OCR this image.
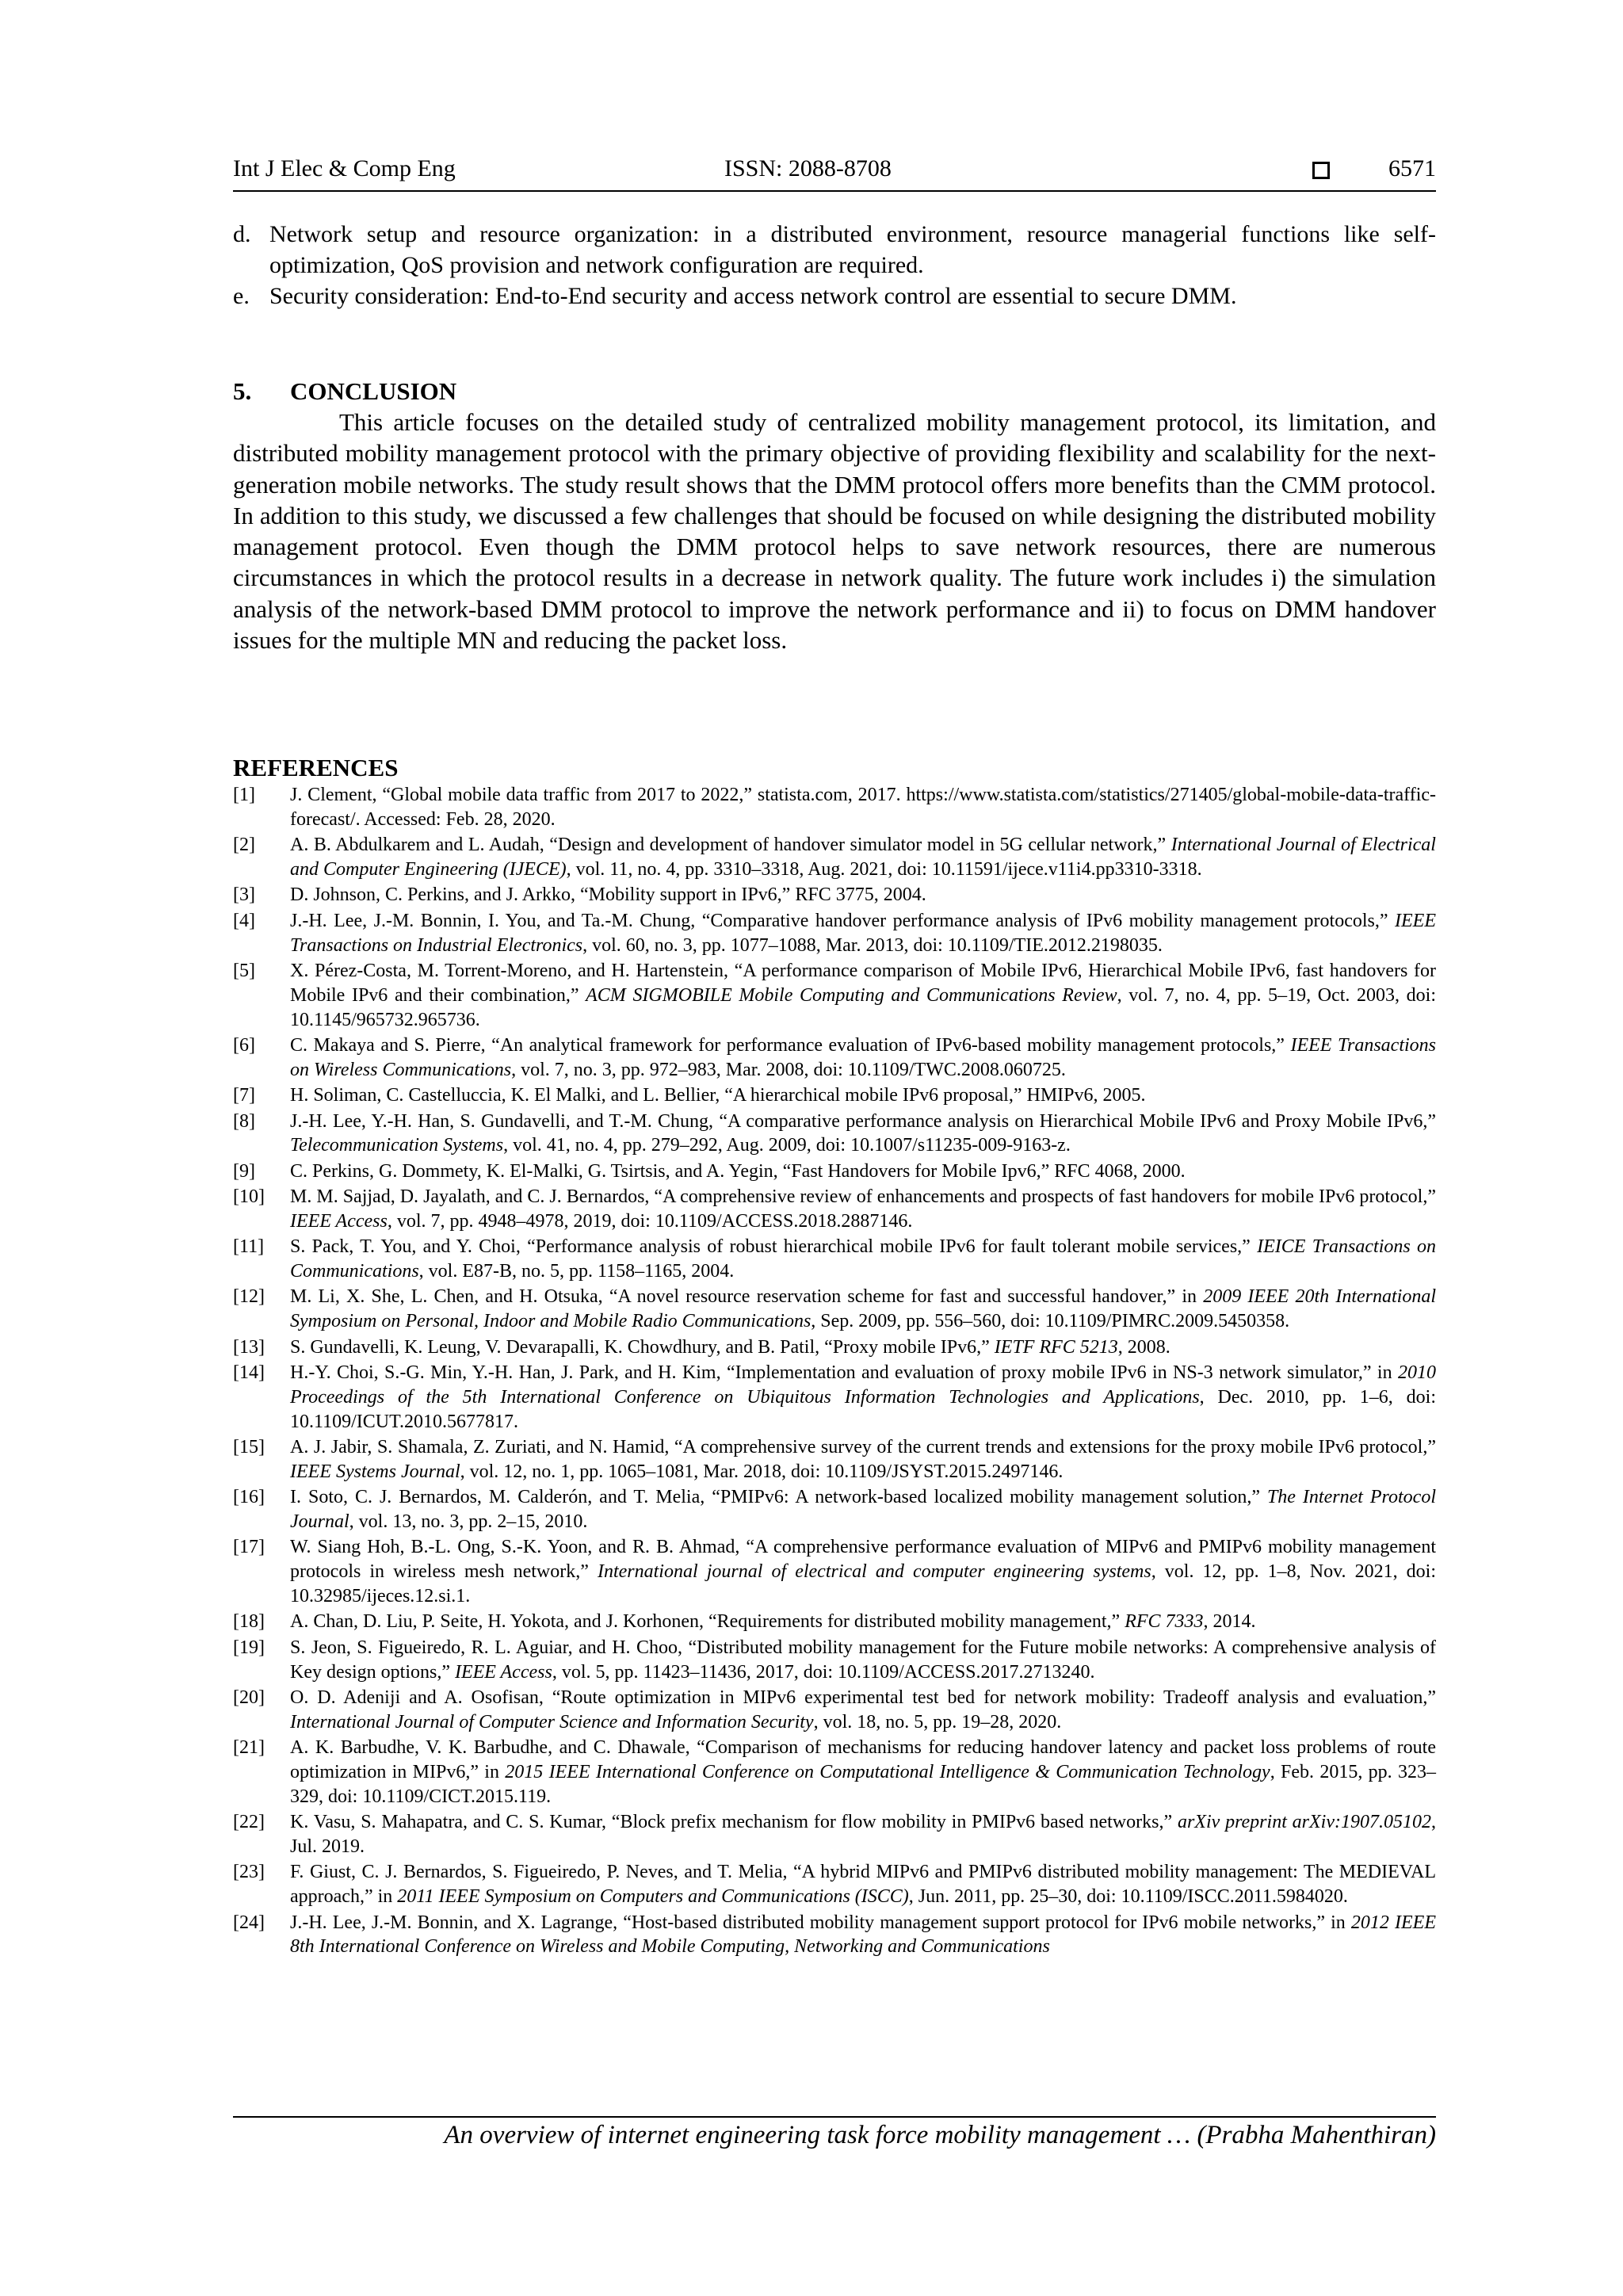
Int J Elec & Comp Eng	ISSN: 2088-8708	6571
d. Network setup and resource organization: in a distributed environment, resource managerial functions like self-optimization, QoS provision and network configuration are required.
e. Security consideration: End-to-End security and access network control are essential to secure DMM.
5. CONCLUSION

This article focuses on the detailed study of centralized mobility management protocol, its limitation, and distributed mobility management protocol with the primary objective of providing flexibility and scalability for the next-generation mobile networks. The study result shows that the DMM protocol offers more benefits than the CMM protocol. In addition to this study, we discussed a few challenges that should be focused on while designing the distributed mobility management protocol. Even though the DMM protocol helps to save network resources, there are numerous circumstances in which the protocol results in a decrease in network quality. The future work includes i) the simulation analysis of the network-based DMM protocol to improve the network performance and ii) to focus on DMM handover issues for the multiple MN and reducing the packet loss.

REFERENCES
[1] J. Clement, “Global mobile data traffic from 2017 to 2022,” statista.com, 2017. https://www.statista.com/statistics/271405/global-mobile-data-traffic-forecast/. Accessed: Feb. 28, 2020.
[2] A. B. Abdulkarem and L. Audah, “Design and development of handover simulator model in 5G cellular network,” International Journal of Electrical and Computer Engineering (IJECE), vol. 11, no. 4, pp. 3310–3318, Aug. 2021, doi: 10.11591/ijece.v11i4.pp3310-3318.
[3] D. Johnson, C. Perkins, and J. Arkko, “Mobility support in IPv6,” RFC 3775, 2004.
[4] J.-H. Lee, J.-M. Bonnin, I. You, and Ta.-M. Chung, “Comparative handover performance analysis of IPv6 mobility management protocols,” IEEE Transactions on Industrial Electronics, vol. 60, no. 3, pp. 1077–1088, Mar. 2013, doi: 10.1109/TIE.2012.2198035.
[5] X. Pérez-Costa, M. Torrent-Moreno, and H. Hartenstein, “A performance comparison of Mobile IPv6, Hierarchical Mobile IPv6, fast handovers for Mobile IPv6 and their combination,” ACM SIGMOBILE Mobile Computing and Communications Review, vol. 7, no. 4, pp. 5–19, Oct. 2003, doi: 10.1145/965732.965736.
[6] C. Makaya and S. Pierre, “An analytical framework for performance evaluation of IPv6-based mobility management protocols,” IEEE Transactions on Wireless Communications, vol. 7, no. 3, pp. 972–983, Mar. 2008, doi: 10.1109/TWC.2008.060725.
[7] H. Soliman, C. Castelluccia, K. El Malki, and L. Bellier, “A hierarchical mobile IPv6 proposal,” HMIPv6, 2005.
[8] J.-H. Lee, Y.-H. Han, S. Gundavelli, and T.-M. Chung, “A comparative performance analysis on Hierarchical Mobile IPv6 and Proxy Mobile IPv6,” Telecommunication Systems, vol. 41, no. 4, pp. 279–292, Aug. 2009, doi: 10.1007/s11235-009-9163-z.
[9] C. Perkins, G. Dommety, K. El-Malki, G. Tsirtsis, and A. Yegin, “Fast Handovers for Mobile Ipv6,” RFC 4068, 2000.
[10] M. M. Sajjad, D. Jayalath, and C. J. Bernardos, “A comprehensive review of enhancements and prospects of fast handovers for mobile IPv6 protocol,” IEEE Access, vol. 7, pp. 4948–4978, 2019, doi: 10.1109/ACCESS.2018.2887146.
[11] S. Pack, T. You, and Y. Choi, “Performance analysis of robust hierarchical mobile IPv6 for fault tolerant mobile services,” IEICE Transactions on Communications, vol. E87-B, no. 5, pp. 1158–1165, 2004.
[12] M. Li, X. She, L. Chen, and H. Otsuka, “A novel resource reservation scheme for fast and successful handover,” in 2009 IEEE 20th International Symposium on Personal, Indoor and Mobile Radio Communications, Sep. 2009, pp. 556–560, doi: 10.1109/PIMRC.2009.5450358.
[13] S. Gundavelli, K. Leung, V. Devarapalli, K. Chowdhury, and B. Patil, “Proxy mobile IPv6,” IETF RFC 5213, 2008.
[14] H.-Y. Choi, S.-G. Min, Y.-H. Han, J. Park, and H. Kim, “Implementation and evaluation of proxy mobile IPv6 in NS-3 network simulator,” in 2010 Proceedings of the 5th International Conference on Ubiquitous Information Technologies and Applications, Dec. 2010, pp. 1–6, doi: 10.1109/ICUT.2010.5677817.
[15] A. J. Jabir, S. Shamala, Z. Zuriati, and N. Hamid, “A comprehensive survey of the current trends and extensions for the proxy mobile IPv6 protocol,” IEEE Systems Journal, vol. 12, no. 1, pp. 1065–1081, Mar. 2018, doi: 10.1109/JSYST.2015.2497146.
[16] I. Soto, C. J. Bernardos, M. Calderón, and T. Melia, “PMIPv6: A network-based localized mobility management solution,” The Internet Protocol Journal, vol. 13, no. 3, pp. 2–15, 2010.
[17] W. Siang Hoh, B.-L. Ong, S.-K. Yoon, and R. B. Ahmad, “A comprehensive performance evaluation of MIPv6 and PMIPv6 mobility management protocols in wireless mesh network,” International journal of electrical and computer engineering systems, vol. 12, pp. 1–8, Nov. 2021, doi: 10.32985/ijeces.12.si.1.
[18] A. Chan, D. Liu, P. Seite, H. Yokota, and J. Korhonen, “Requirements for distributed mobility management,” RFC 7333, 2014.
[19] S. Jeon, S. Figueiredo, R. L. Aguiar, and H. Choo, “Distributed mobility management for the Future mobile networks: A comprehensive analysis of Key design options,” IEEE Access, vol. 5, pp. 11423–11436, 2017, doi: 10.1109/ACCESS.2017.2713240.
[20] O. D. Adeniji and A. Osofisan, “Route optimization in MIPv6 experimental test bed for network mobility: Tradeoff analysis and evaluation,” International Journal of Computer Science and Information Security, vol. 18, no. 5, pp. 19–28, 2020.
[21] A. K. Barbudhe, V. K. Barbudhe, and C. Dhawale, “Comparison of mechanisms for reducing handover latency and packet loss problems of route optimization in MIPv6,” in 2015 IEEE International Conference on Computational Intelligence & Communication Technology, Feb. 2015, pp. 323–329, doi: 10.1109/CICT.2015.119.
[22] K. Vasu, S. Mahapatra, and C. S. Kumar, “Block prefix mechanism for flow mobility in PMIPv6 based networks,” arXiv preprint arXiv:1907.05102, Jul. 2019.
[23] F. Giust, C. J. Bernardos, S. Figueiredo, P. Neves, and T. Melia, “A hybrid MIPv6 and PMIPv6 distributed mobility management: The MEDIEVAL approach,” in 2011 IEEE Symposium on Computers and Communications (ISCC), Jun. 2011, pp. 25–30, doi: 10.1109/ISCC.2011.5984020.
[24] J.-H. Lee, J.-M. Bonnin, and X. Lagrange, “Host-based distributed mobility management support protocol for IPv6 mobile networks,” in 2012 IEEE 8th International Conference on Wireless and Mobile Computing, Networking and Communications
An overview of internet engineering task force mobility management … (Prabha Mahenthiran)
